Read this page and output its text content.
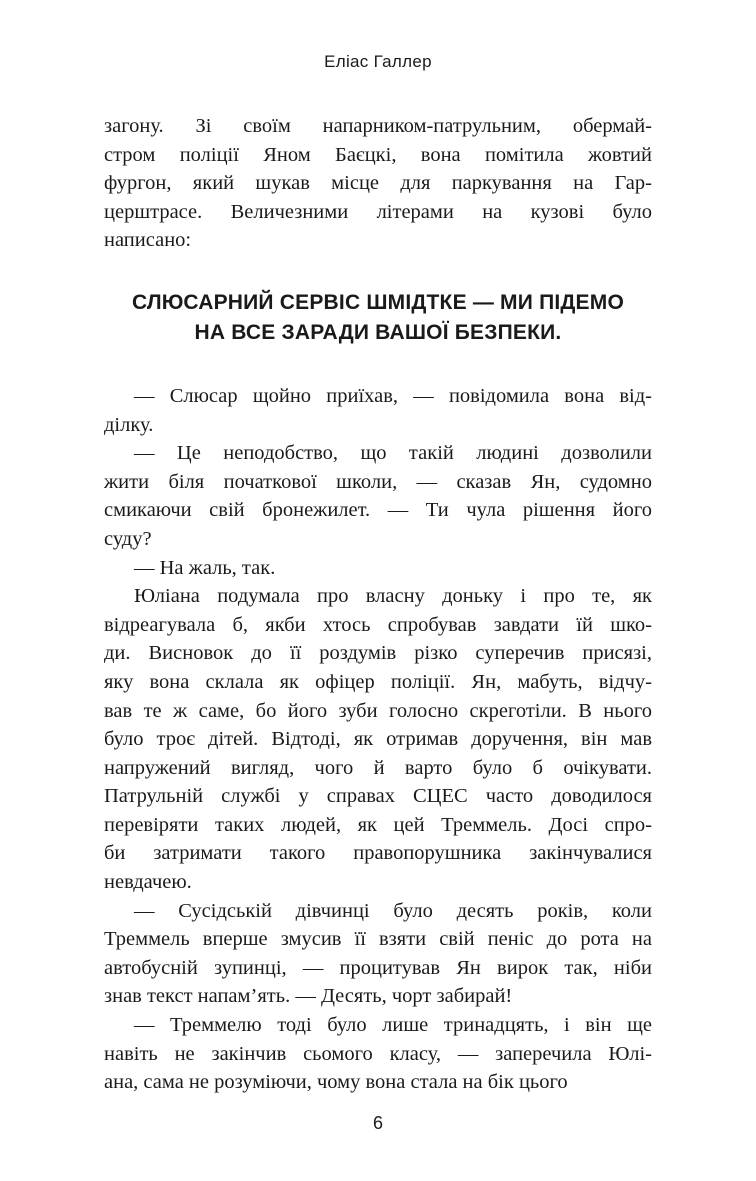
Еліас Галлер

загону. Зі своїм напарником-патрульним, обермай-

стром поліції Яном Баєцкі, вона помітила жовтий

фургон, який шукав місце для паркування на Гар-

церштрасе. Величезними літерами на кузові було

написано:

СЛЮСАРНИЙ СЕРВІС ШМІДТКЕ — МИ ПІДЕМО
НА ВСЕ ЗАРАДИ ВАШОЇ БЕЗПЕКИ.

— Слюсар щойно приїхав, — повідомила вона від-

ділку.

— Це неподобство, що такій людині дозволили

жити біля початкової школи, — сказав Ян, судомно

смикаючи свій бронежилет. — Ти чула рішення його

суду?

— На жаль, так.

Юліана подумала про власну доньку і про те, як

відреагувала б, якби хтось спробував завдати їй шко-

ди. Висновок до її роздумів різко суперечив присязі,

яку вона склала як офіцер поліції. Ян, мабуть, відчу-

вав те ж саме, бо його зуби голосно скреготіли. В нього

було троє дітей. Відтоді, як отримав доручення, він мав

напружений вигляд, чого й варто було б очікувати.

Патрульній службі у справах СЦЕС часто доводилося

перевіряти таких людей, як цей Треммель. Досі спро-

би затримати такого правопорушника закінчувалися

невдачею.

— Сусідській дівчинці було десять років, коли

Треммель вперше змусив її взяти свій пеніс до рота на

автобусній зупинці, — процитував Ян вирок так, ніби

знав текст напам’ять. — Десять, чорт забирай!

— Треммелю тоді було лише тринадцять, і він ще

навіть не закінчив сьомого класу, — заперечила Юлі-

ана, сама не розуміючи, чому вона стала на бік цього

6
